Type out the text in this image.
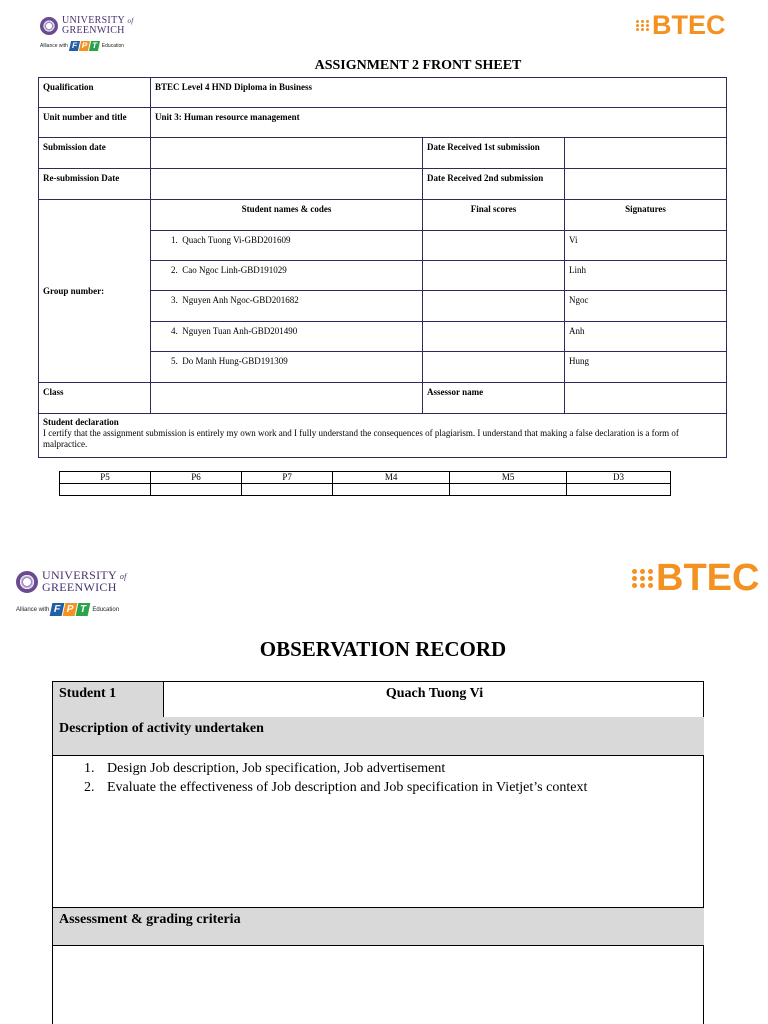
UNIVERSITY of
GREENWICH
Alliance with F P T Education
BTEC
ASSIGNMENT 2 FRONT SHEET
Qualification	BTEC Level 4 HND Diploma in Business		
Unit number and title	Unit 3: Human resource management		
Submission date		Date Received 1st submission	
Re-submission Date		Date Received 2nd submission	
Group number:	Student names & codes	Final scores	Signatures
	1. Quach Tuong Vi-GBD201609		Vi
	2. Cao Ngoc Linh-GBD191029		Linh
	3. Nguyen Anh Ngoc-GBD201682		Ngoc
	4. Nguyen Tuan Anh-GBD201490		Anh
	5. Do Manh Hung-GBD191309		Hung
Class		Assessor name	

Student declaration
I certify that the assignment submission is entirely my own work and I fully understand the consequences of plagiarism. I understand that making a false declaration is a form of malpractice.			
P5	P6	P7	M4	M5	D3

UNIVERSITY of
GREENWICH
Alliance with F P T Education
BTEC
OBSERVATION RECORD
Student 1	Quach Tuong Vi
Description of activity undertaken
1. Design Job description, Job specification, Job advertisement
2. Evaluate the effectiveness of Job description and Job specification in Vietjet’s context
Assessment & grading criteria
